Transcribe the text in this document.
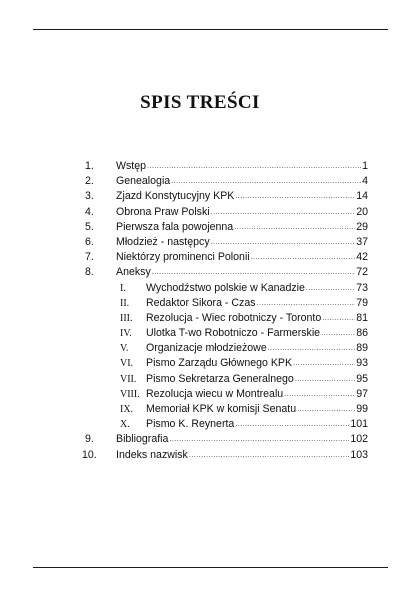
SPIS TREŚCI
1.	Wstęp .....	1
2.	Genealogia .....	4
3.	Zjazd Konstytucyjny KPK .....	14
4.	Obrona Praw Polski .....	20
5.	Pierwsza fala powojenna .....	29
6.	Młodzież - następcy .....	37
7.	Niektórzy prominenci Polonii .....	42
8.	Aneksy .....	72
I.	Wychodźstwo polskie w Kanadzie .....	73
II.	Redaktor Sikora - Czas .....	79
III.	Rezolucja - Wiec robotniczy - Toronto .....	81
IV.	Ulotka T-wo Robotniczo - Farmerskie .....	86
V.	Organizacje młodzieżowe .....	89
VI.	Pismo Zarządu Głównego KPK .....	93
VII. Pismo Sekretarza Generalnego .....	95
VIII. Rezolucja wiecu w Montrealu .....	97
IX.	Memoriał KPK w komisji Senatu .....	99
X.	Pismo K. Reynerta .....	101
9.	Bibliografia .....	102
10.	Indeks nazwisk .....	103
